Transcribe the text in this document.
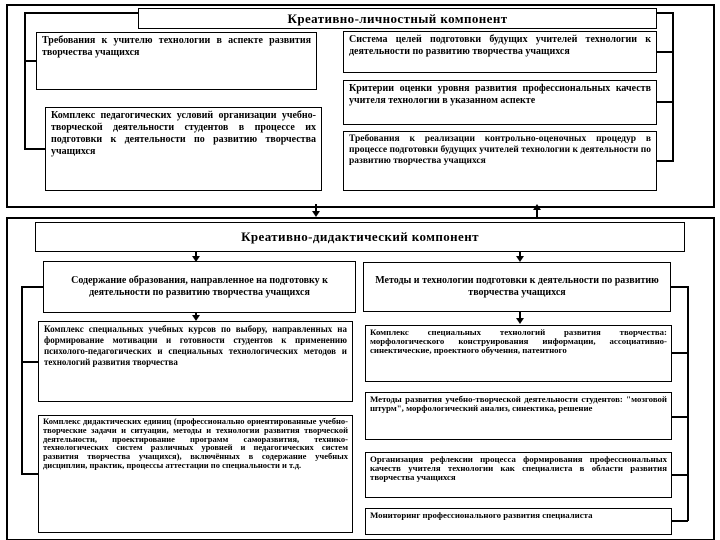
Креативно-личностный компонент
Требования к учителю технологии в аспекте развития творчества учащихся
Комплекс педагогических условий организации учебно-творческой деятельности студентов в процессе их подготовки к деятельности по развитию творчества учащихся
Система целей подготовки будущих учителей технологии к деятельности по развитию творчества учащихся
Критерии оценки уровня развития профессиональных качеств учителя технологии в указанном аспекте
Требования к реализации контрольно-оценочных процедур в процессе подготовки будущих учителей технологии к деятельности по развитию творчества учащихся
Креативно-дидактический компонент
Содержание образования, направленное на подготовку к деятельности по развитию творчества учащихся
Методы и технологии подготовки к деятельности по развитию творчества учащихся
Комплекс специальных учебных курсов по выбору, направленных на формирование мотивации и готовности студентов к применению психолого-педагогических и специальных технологических методов и технологий развития творчества
Комплекс дидактических единиц (профессионально ориентированные учебно-творческие задачи и ситуации, методы и технологии развития творческой деятельности, проектирование программ саморазвития, технико-технологических систем различных уровней и педагогических систем развития творчества учащихся), включённых в содержание учебных дисциплин, практик, процессы аттестации по специальности и т.д.
Комплекс специальных технологий развития творчества: морфологического конструирования информации, ассоциативно-синектические, проектного обучения, патентного
Методы развития учебно-творческой деятельности студентов: "мозговой штурм", морфологический анализ, синектика, решение
Организация рефлексии процесса формирования профессиональных качеств учителя технологии как специалиста в области развития творчества учащихся
Мониторинг профессионального развития специалиста
